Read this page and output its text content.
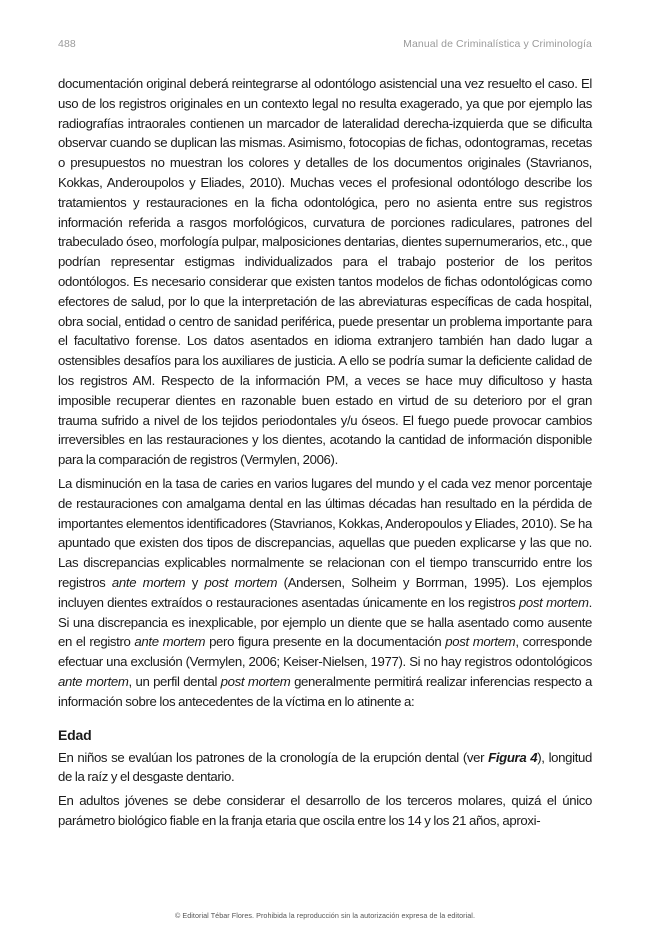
488	Manual de Criminalística y Criminología

documentación original deberá reintegrarse al odontólogo asistencial una vez resuelto el caso. El uso de los registros originales en un contexto legal no resulta exagerado, ya que por ejemplo las radiografías intraorales contienen un marcador de lateralidad derecha-izquierda que se dificulta observar cuando se duplican las mismas. Asimismo, fotocopias de fichas, odontogramas, recetas o presupuestos no muestran los colores y detalles de los documentos originales (Stavrianos, Kokkas, Anderoupolos y Eliades, 2010). Muchas veces el profesional odontólogo describe los tratamientos y restauraciones en la ficha odontológica, pero no asienta entre sus registros información referida a rasgos morfológicos, curvatura de porciones radiculares, patrones del trabeculado óseo, morfología pulpar, malposiciones dentarias, dientes supernumerarios, etc., que podrían representar estigmas individualizados para el trabajo posterior de los peritos odontólogos. Es necesario considerar que existen tantos modelos de fichas odontológicas como efectores de salud, por lo que la interpretación de las abreviaturas específicas de cada hospital, obra social, entidad o centro de sanidad periférica, puede presentar un problema importante para el facultativo forense. Los datos asentados en idioma extranjero también han dado lugar a ostensibles desafíos para los auxiliares de justicia. A ello se podría sumar la deficiente calidad de los registros AM. Respecto de la información PM, a veces se hace muy dificultoso y hasta imposible recuperar dientes en razonable buen estado en virtud de su deterioro por el gran trauma sufrido a nivel de los tejidos periodontales y/u óseos. El fuego puede provocar cambios irreversibles en las restauraciones y los dientes, acotando la cantidad de información disponible para la comparación de registros (Vermylen, 2006).

La disminución en la tasa de caries en varios lugares del mundo y el cada vez menor porcentaje de restauraciones con amalgama dental en las últimas décadas han resultado en la pérdida de importantes elementos identificadores (Stavrianos, Kokkas, Anderopoulos y Eliades, 2010). Se ha apuntado que existen dos tipos de discrepancias, aquellas que pueden explicarse y las que no. Las discrepancias explicables normalmente se relacionan con el tiempo transcurrido entre los registros ante mortem y post mortem (Andersen, Solheim y Borrman, 1995). Los ejemplos incluyen dientes extraídos o restauraciones asentadas únicamente en los registros post mortem. Si una discrepancia es inexplicable, por ejemplo un diente que se halla asentado como ausente en el registro ante mortem pero figura presente en la documentación post mortem, corresponde efectuar una exclusión (Vermylen, 2006; Keiser-Nielsen, 1977). Si no hay registros odontológicos ante mortem, un perfil dental post mortem generalmente permitirá realizar inferencias respecto a información sobre los antecedentes de la víctima en lo atinente a:

Edad

En niños se evalúan los patrones de la cronología de la erupción dental (ver Figura 4), longitud de la raíz y el desgaste dentario.

En adultos jóvenes se debe considerar el desarrollo de los terceros molares, quizá el único parámetro biológico fiable en la franja etaria que oscila entre los 14 y los 21 años, aproxi-

© Editorial Tébar Flores. Prohibida la reproducción sin la autorización expresa de la editorial.
